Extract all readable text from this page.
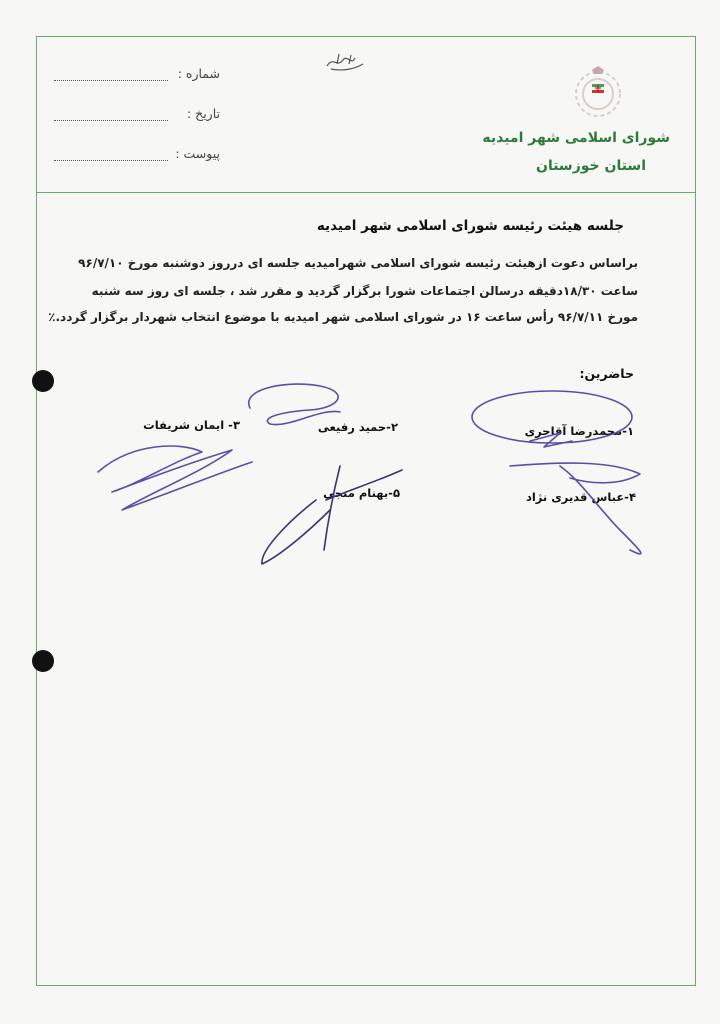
شورای اسلامی شهر امیدیه
استان خوزستان
شماره :
تاریخ :
پیوست :
جلسه هیئت رئیسه شورای اسلامی شهر امیدیه
براساس دعوت ازهیئت رئیسه شورای اسلامی شهرامیدیه جلسه ای درروز دوشنبه مورخ ۹۶/۷/۱۰
ساعت ۱۸/۳۰دقیقه درسالن اجتماعات شورا برگزار گردید و مقرر شد ، جلسه ای روز سه شنبه
مورخ ۹۶/۷/۱۱ رأس ساعت ۱۶ در شورای اسلامی شهر امیدیه با موضوع انتخاب شهردار برگزار گردد.٪
حاضرین:
۱-محمدرضا آقاجری
۲-حمید رفیعی
۳- ایمان شریفات
۴-عباس قدیری نژاد
۵-بهنام منجی
